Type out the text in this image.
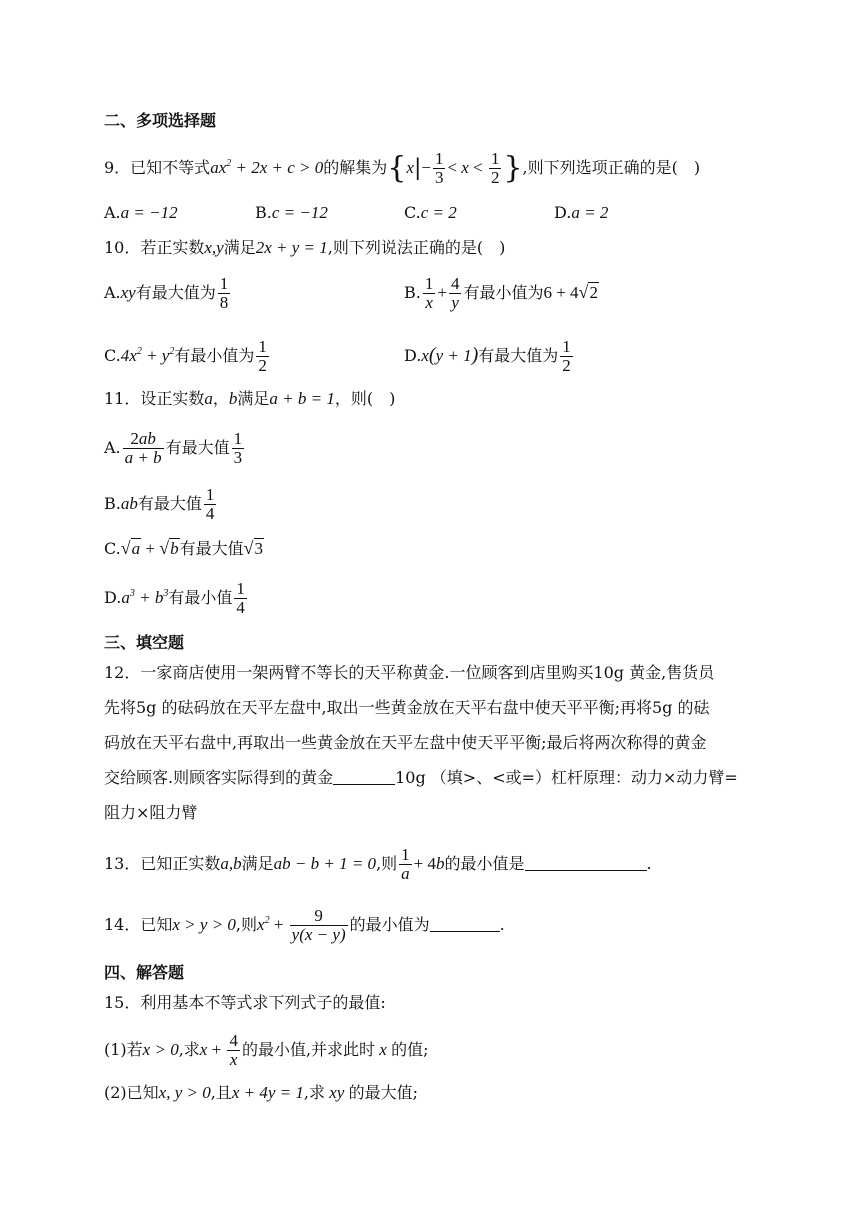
二、多项选择题
9．已知不等式$ax^2 + 2x + c > 0$的解集为{$x|- \frac{1}{3} < x < \frac{1}{2}$ },则下列选项正确的是(　)
A.a = −12	B.c = −12	C.c = 2	D.a = 2
10．若正实数x,y满足2x + y = 1,则下列说法正确的是(　)
A.xy有最大值为 $\frac{1}{8}$	B. $\frac{1}{x} + \frac{4}{y}$ 有最小值为6 + 4√2
$C.4x^2 + y^2$有最小值为 $\frac{1}{2}$	D.x(y + 1)有最大值为 $\frac{1}{2}$
11．设正实数a，b满足a + b = 1，则(　)
A. $\frac{2ab}{a + b}$ 有最大值 $\frac{1}{3}$
B.ab有最大值 $\frac{1}{4}$
C.√a + √b有最大值√3
$D.a^3 + b^3$有最小值 $\frac{1}{4}$
三、填空题
12．一家商店使用一架两臂不等长的天平称黄金.一位顾客到店里购买10g 黄金,售货员
先将5g 的砝码放在天平左盘中,取出一些黄金放在天平右盘中使天平平衡;再将5g 的砝
码放在天平右盘中,再取出一些黄金放在天平左盘中使天平平衡;最后将两次称得的黄金
交给顾客.则顾客实际得到的黄金	10g （填>、<或=）杠杆原理：动力×动力臂=
阻力×阻力臂
13．已知正实数a,b满足ab − b + 1 = 0,则 $\frac{1}{a} + 4b$的最小值是	.
14．已知x > y > 0,则$x^2 + \frac{9}{y(x - y)}$ 的最小值为	.
四、解答题
15．利用基本不等式求下列式子的最值:
(1)若x > 0,求$x + \frac{4}{x}$ 的最小值,并求此时 x 的值;
(2)已知x, y > 0,且x + 4y = 1,求 xy 的最大值;
